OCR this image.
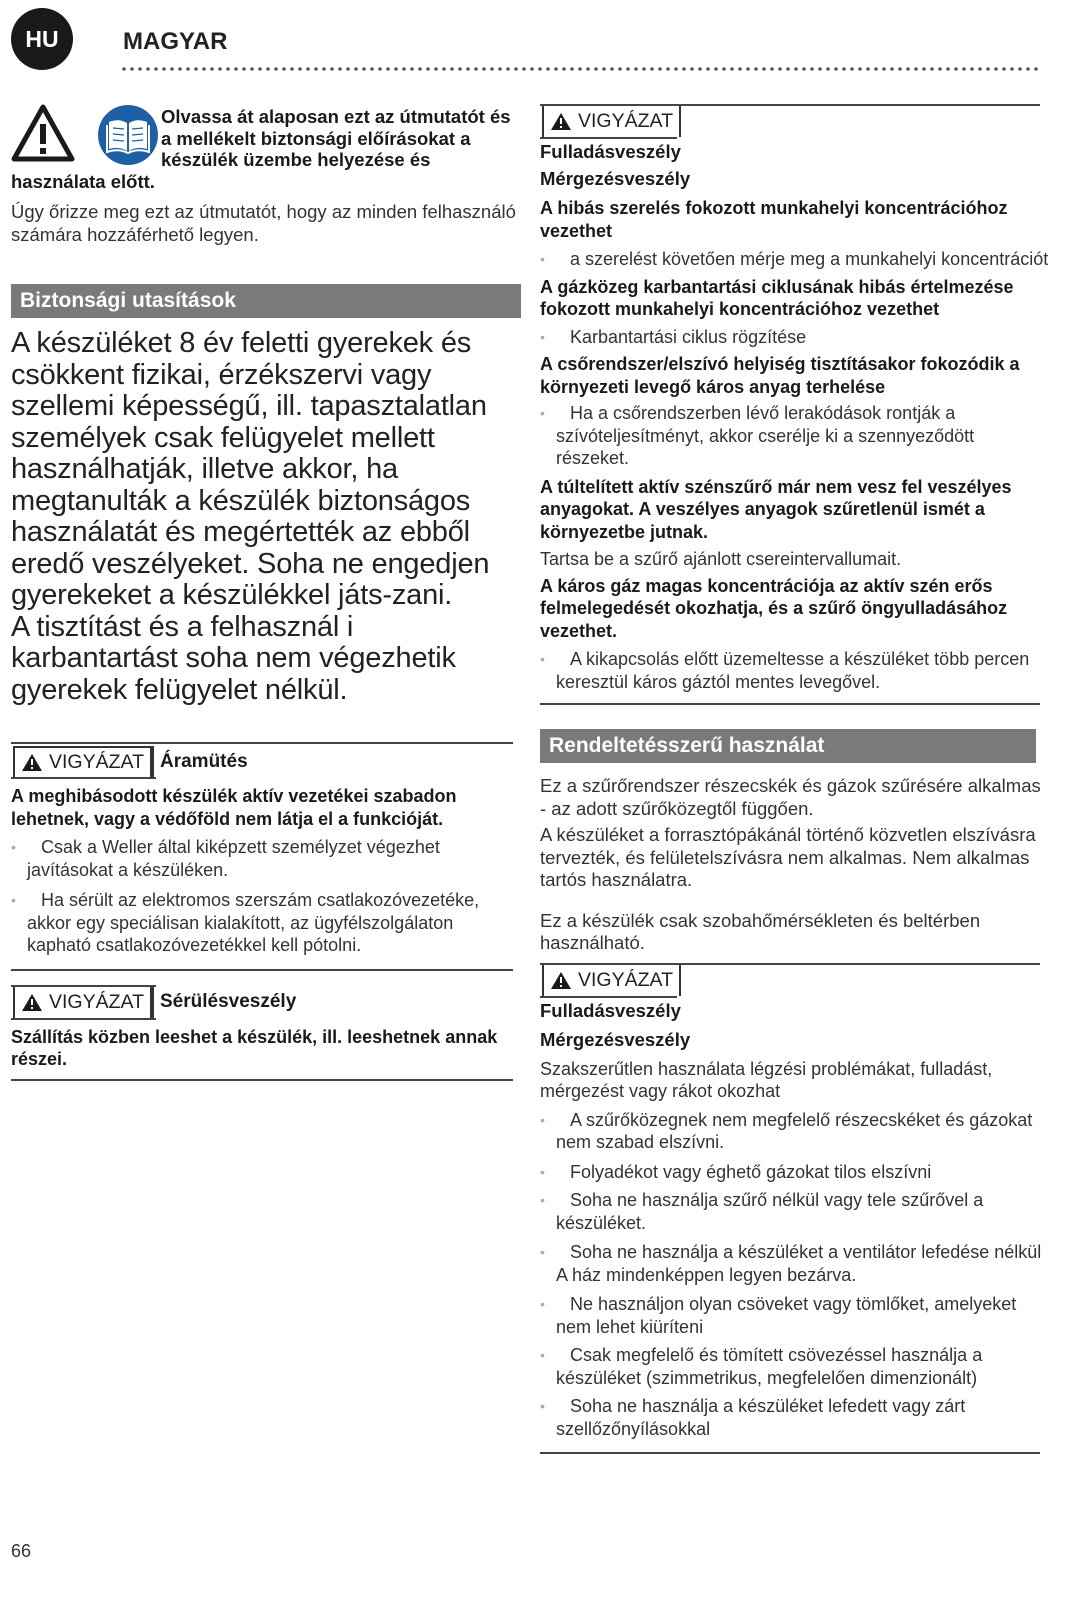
HU	MAGYAR
Olvassa át alaposan ezt az útmutatót és a mellékelt biztonsági előírásokat a készülék üzembe helyezése és
használata előtt.
Úgy őrizze meg ezt az útmutatót, hogy az minden felhasználó számára hozzáférhető legyen.
Biztonsági utasítások

A készüléket 8 év feletti gyerekek és csökkent fizikai, érzékszervi vagy szellemi képességű, ill. tapasztalatlan személyek csak felügyelet mellett használhatják, illetve akkor, ha megtanulták a készülék biztonságos használatát és megértették az ebből eredő veszélyeket. Soha ne engedjen gyerekeket a készülékkel játs-zani.

A tisztítást és a felhasznál i karbantartást soha nem végezhetik gyerekek felügyelet nélkül.

VIGYÁZAT Áramütés
A meghibásodott készülék aktív vezetékei szabadon lehetnek, vagy a védőföld nem látja el a funkcióját.
• Csak a Weller által kiképzett személyzet végezhet javításokat a készüléken.
• Ha sérült az elektromos szerszám csatlakozóvezetéke, akkor egy speciálisan kialakított, az ügyfélszolgálaton kapható csatlakozóvezetékkel kell pótolni.
VIGYÁZAT Sérülésveszély
Szállítás közben leeshet a készülék, ill. leeshetnek annak részei.
VIGYÁZAT
Fulladásveszély
Mérgezésveszély
A hibás szerelés fokozott munkahelyi koncentrációhoz vezethet
• a szerelést követően mérje meg a munkahelyi koncentrációt
A gázközeg karbantartási ciklusának hibás értelmezése fokozott munkahelyi koncentrációhoz vezethet
• Karbantartási ciklus rögzítése
A csőrendszer/elszívó helyiség tisztításakor fokozódik a környezeti levegő káros anyag terhelése
• Ha a csőrendszerben lévő lerakódások rontják a szívóteljesítményt, akkor cserélje ki a szennyeződött részeket.
A túltelített aktív szénszűrő már nem vesz fel veszélyes anyagokat. A veszélyes anyagok szűretlenül ismét a környezetbe jutnak.
Tartsa be a szűrő ajánlott csereintervallumait.
A káros gáz magas koncentrációja az aktív szén erős felmelegedését okozhatja, és a szűrő öngyulladásához vezethet.
• A kikapcsolás előtt üzemeltesse a készüléket több percen keresztül káros gáztól mentes levegővel.
Rendeltetésszerű használat
Ez a szűrőrendszer részecskék és gázok szűrésére alkalmas - az adott szűrőközegtől függően.
A készüléket a forrasztópákánál történő közvetlen elszívásra tervezték, és felületelszívásra nem alkalmas. Nem alkalmas tartós használatra.
Ez a készülék csak szobahőmérsékleten és beltérben használható.
VIGYÁZAT
Fulladásveszély
Mérgezésveszély
Szakszerűtlen használata légzési problémákat, fulladást, mérgezést vagy rákot okozhat
• A szűrőközegnek nem megfelelő részecskéket és gázokat nem szabad elszívni.
• Folyadékot vagy éghető gázokat tilos elszívni
• Soha ne használja szűrő nélkül vagy tele szűrővel a készüléket.
• Soha ne használja a készüléket a ventilátor lefedése nélkül A ház mindenképpen legyen bezárva.
• Ne használjon olyan csöveket vagy tömlőket, amelyeket nem lehet kiüríteni
• Csak megfelelő és tömített csövezéssel használja a készüléket (szimmetrikus, megfelelően dimenzionált)
• Soha ne használja a készüléket lefedett vagy zárt szellőzőnyílásokkal
66
